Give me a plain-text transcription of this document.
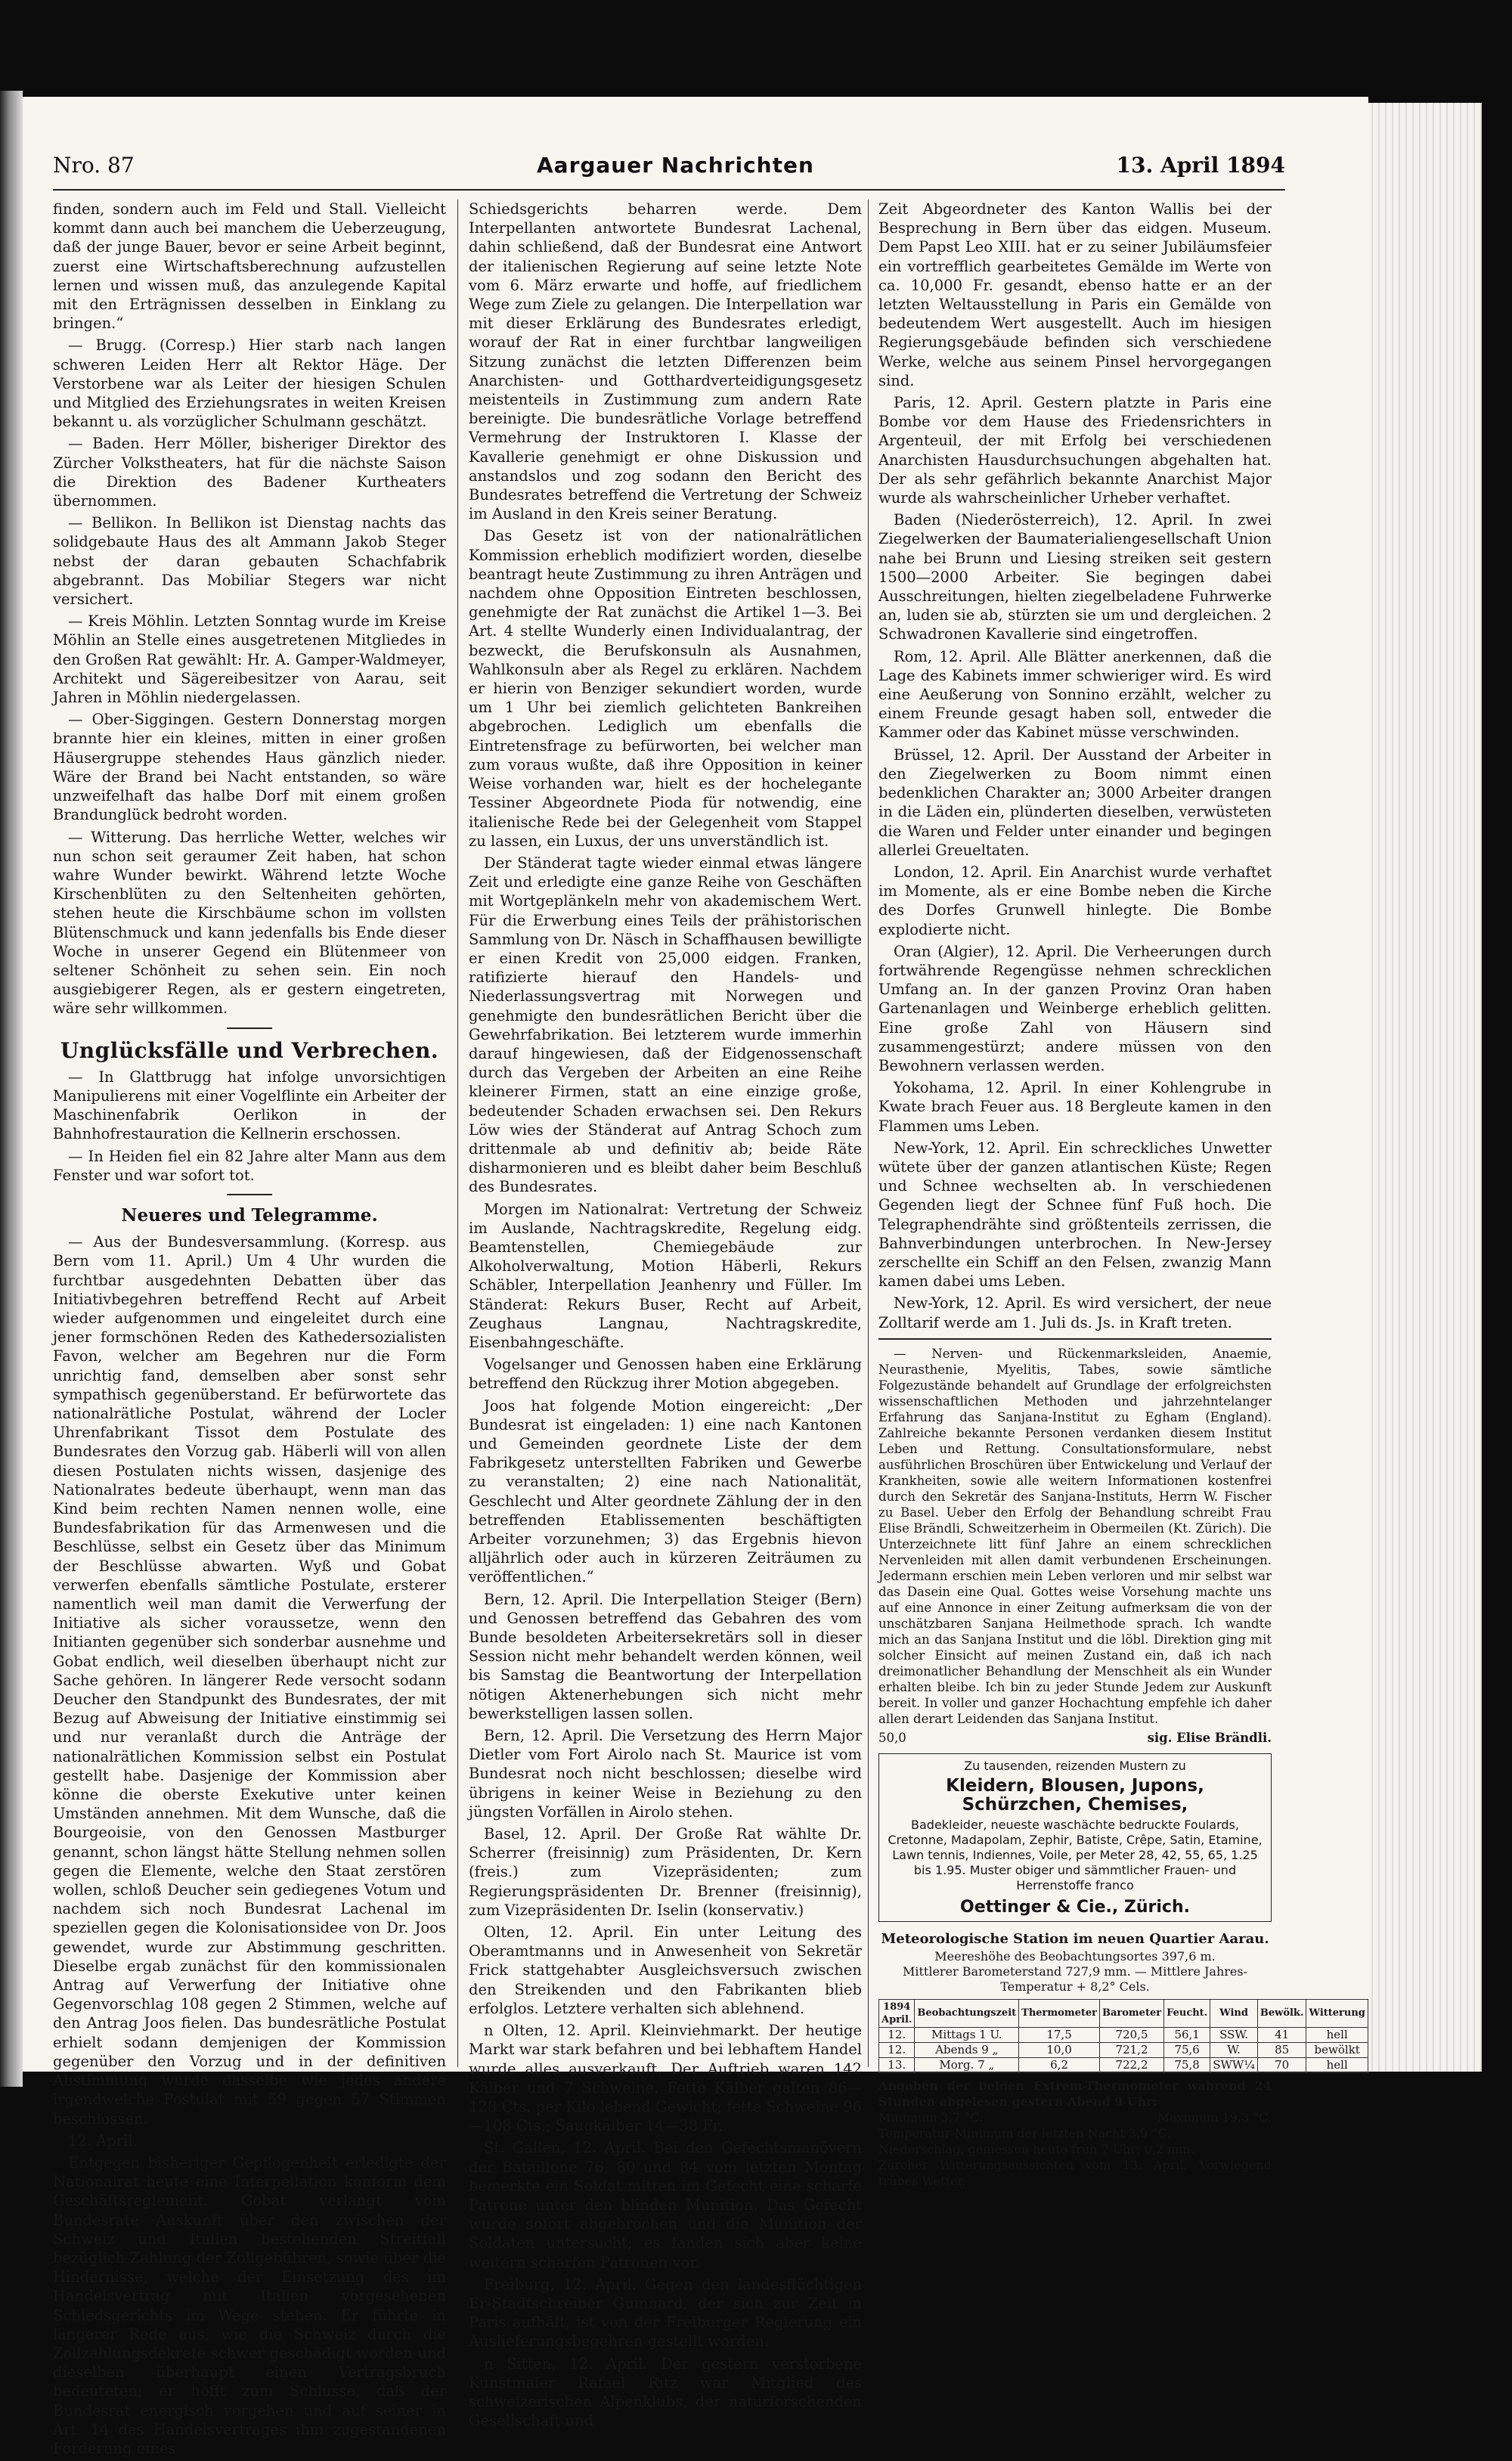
Nro. 87	Aargauer Nachrichten	13. April 1894

finden, sondern auch im Feld und Stall. Vielleicht kommt dann auch bei manchem die Ueberzeugung, daß der junge Bauer, bevor er seine Arbeit beginnt, zuerst eine Wirtschaftsberechnung aufzustellen lernen und wissen muß, das anzulegende Kapital mit den Erträgnissen desselben in Einklang zu bringen.“

— Brugg. (Corresp.) Hier starb nach langen schweren Leiden Herr alt Rektor Häge. Der Verstorbene war als Leiter der hiesigen Schulen und Mitglied des Erziehungsrates in weiten Kreisen bekannt u. als vorzüglicher Schulmann geschätzt.

— Baden. Herr Möller, bisheriger Direktor des Zürcher Volkstheaters, hat für die nächste Saison die Direktion des Badener Kurtheaters übernommen.

— Bellikon. In Bellikon ist Dienstag nachts das solidgebaute Haus des alt Ammann Jakob Steger nebst der daran gebauten Schachfabrik abgebrannt. Das Mobiliar Stegers war nicht versichert.

— Kreis Möhlin. Letzten Sonntag wurde im Kreise Möhlin an Stelle eines ausgetretenen Mitgliedes in den Großen Rat gewählt: Hr. A. Gamper-Waldmeyer, Architekt und Sägereibesitzer von Aarau, seit Jahren in Möhlin niedergelassen.

— Ober-Siggingen. Gestern Donnerstag morgen brannte hier ein kleines, mitten in einer großen Häusergruppe stehendes Haus gänzlich nieder. Wäre der Brand bei Nacht entstanden, so wäre unzweifelhaft das halbe Dorf mit einem großen Brandunglück bedroht worden.

— Witterung. Das herrliche Wetter, welches wir nun schon seit geraumer Zeit haben, hat schon wahre Wunder bewirkt. Während letzte Woche Kirschenblüten zu den Seltenheiten gehörten, stehen heute die Kirschbäume schon im vollsten Blütenschmuck und kann jedenfalls bis Ende dieser Woche in unserer Gegend ein Blütenmeer von seltener Schönheit zu sehen sein. Ein noch ausgiebigerer Regen, als er gestern eingetreten, wäre sehr willkommen.

Unglücksfälle und Verbrechen.

— In Glattbrugg hat infolge unvorsichtigen Manipulierens mit einer Vogelflinte ein Arbeiter der Maschinenfabrik Oerlikon in der Bahnhofrestauration die Kellnerin erschossen.

— In Heiden fiel ein 82 Jahre alter Mann aus dem Fenster und war sofort tot.

Neueres und Telegramme.

— Aus der Bundesversammlung. (Korresp. aus Bern vom 11. April.) Um 4 Uhr wurden die furchtbar ausgedehnten Debatten über das Initiativbegehren betreffend Recht auf Arbeit wieder aufgenommen und eingeleitet durch eine jener formschönen Reden des Kathedersozialisten Favon, welcher am Begehren nur die Form unrichtig fand, demselben aber sonst sehr sympathisch gegenüberstand. Er befürwortete das nationalrätliche Postulat, während der Locler Uhrenfabrikant Tissot dem Postulate des Bundesrates den Vorzug gab. Häberli will von allen diesen Postulaten nichts wissen, dasjenige des Nationalrates bedeute überhaupt, wenn man das Kind beim rechten Namen nennen wolle, eine Bundesfabrikation für das Armenwesen und die Beschlüsse, selbst ein Gesetz über das Minimum der Beschlüsse abwarten. Wyß und Gobat verwerfen ebenfalls sämtliche Postulate, ersterer namentlich weil man damit die Verwerfung der Initiative als sicher voraussetze, wenn den Initianten gegenüber sich sonderbar ausnehme und Gobat endlich, weil dieselben überhaupt nicht zur Sache gehören. In längerer Rede versocht sodann Deucher den Standpunkt des Bundesrates, der mit Bezug auf Abweisung der Initiative einstimmig sei und nur veranlaßt durch die Anträge der nationalrätlichen Kommission selbst ein Postulat gestellt habe. Dasjenige der Kommission aber könne die oberste Exekutive unter keinen Umständen annehmen. Mit dem Wunsche, daß die Bourgeoisie, von den Genossen Mastburger genannt, schon längst hätte Stellung nehmen sollen gegen die Elemente, welche den Staat zerstören wollen, schloß Deucher sein gediegenes Votum und nachdem sich noch Bundesrat Lachenal im speziellen gegen die Kolonisationsidee von Dr. Joos gewendet, wurde zur Abstimmung geschritten. Dieselbe ergab zunächst für den kommissionalen Antrag auf Verwerfung der Initiative ohne Gegenvorschlag 108 gegen 2 Stimmen, welche auf den Antrag Joos fielen. Das bundesrätliche Postulat erhielt sodann demjenigen der Kommission gegenüber den Vorzug und in der definitiven Abstimmung wurde dasselbe wie jedes andere irgendwelche Postulat mit 59 gegen 57 Stimmen beschlossen.

12. April.

Entgegen bisheriger Gepflogenheit erledigte der Nationalrat heute eine Interpellation konform dem Geschäftsreglement. Gobat verlangt vom Bundesrate Auskunft über den zwischen der Schweiz und Italien bestehenden Streitfall bezüglich Zahlung der Zollgebühren, sowie über die Hindernisse, welche der Einsetzung des im Handelsvertrag mit Italien vorgesehenen Schiedsgerichts im Wege stehen. Er führte in längerer Rede aus, wie die Schweiz durch die Zollzahlungsdekrete schwer geschädigt worden und dieselben überhaupt einen Vertragsbruch bedeuteten; er hofft zum Schlusse, daß der Bundesrat energisch vorgehen und auf seiner in Art. 14 des Handelsvertrages ihm zugestandenen Forderung eines

Schiedsgerichts beharren werde. Dem Interpellanten antwortete Bundesrat Lachenal, dahin schließend, daß der Bundesrat eine Antwort der italienischen Regierung auf seine letzte Note vom 6. März erwarte und hoffe, auf friedlichem Wege zum Ziele zu gelangen. Die Interpellation war mit dieser Erklärung des Bundesrates erledigt, worauf der Rat in einer furchtbar langweiligen Sitzung zunächst die letzten Differenzen beim Anarchisten- und Gotthardverteidigungsgesetz meistenteils in Zustimmung zum andern Rate bereinigte. Die bundesrätliche Vorlage betreffend Vermehrung der Instruktoren I. Klasse der Kavallerie genehmigt er ohne Diskussion und anstandslos und zog sodann den Bericht des Bundesrates betreffend die Vertretung der Schweiz im Ausland in den Kreis seiner Beratung.

Das Gesetz ist von der nationalrätlichen Kommission erheblich modifiziert worden, dieselbe beantragt heute Zustimmung zu ihren Anträgen und nachdem ohne Opposition Eintreten beschlossen, genehmigte der Rat zunächst die Artikel 1—3. Bei Art. 4 stellte Wunderly einen Individualantrag, der bezweckt, die Berufskonsuln als Ausnahmen, Wahlkonsuln aber als Regel zu erklären. Nachdem er hierin von Benziger sekundiert worden, wurde um 1 Uhr bei ziemlich gelichteten Bankreihen abgebrochen. Lediglich um ebenfalls die Eintretensfrage zu befürworten, bei welcher man zum voraus wußte, daß ihre Opposition in keiner Weise vorhanden war, hielt es der hochelegante Tessiner Abgeordnete Pioda für notwendig, eine italienische Rede bei der Gelegenheit vom Stappel zu lassen, ein Luxus, der uns unverständlich ist.

Der Ständerat tagte wieder einmal etwas längere Zeit und erledigte eine ganze Reihe von Geschäften mit Wortgeplänkeln mehr von akademischem Wert. Für die Erwerbung eines Teils der prähistorischen Sammlung von Dr. Näsch in Schaffhausen bewilligte er einen Kredit von 25,000 eidgen. Franken, ratifizierte hierauf den Handels- und Niederlassungsvertrag mit Norwegen und genehmigte den bundesrätlichen Bericht über die Gewehrfabrikation. Bei letzterem wurde immerhin darauf hingewiesen, daß der Eidgenossenschaft durch das Vergeben der Arbeiten an eine Reihe kleinerer Firmen, statt an eine einzige große, bedeutender Schaden erwachsen sei. Den Rekurs Löw wies der Ständerat auf Antrag Schoch zum drittenmale ab und definitiv ab; beide Räte disharmonieren und es bleibt daher beim Beschluß des Bundesrates.

Morgen im Nationalrat: Vertretung der Schweiz im Auslande, Nachtragskredite, Regelung eidg. Beamtenstellen, Chemiegebäude zur Alkoholverwaltung, Motion Häberli, Rekurs Schäbler, Interpellation Jeanhenry und Füller. Im Ständerat: Rekurs Buser, Recht auf Arbeit, Zeughaus Langnau, Nachtragskredite, Eisenbahngeschäfte.

Vogelsanger und Genossen haben eine Erklärung betreffend den Rückzug ihrer Motion abgegeben.

Joos hat folgende Motion eingereicht: „Der Bundesrat ist eingeladen: 1) eine nach Kantonen und Gemeinden geordnete Liste der dem Fabrikgesetz unterstellten Fabriken und Gewerbe zu veranstalten; 2) eine nach Nationalität, Geschlecht und Alter geordnete Zählung der in den betreffenden Etablissementen beschäftigten Arbeiter vorzunehmen; 3) das Ergebnis hievon alljährlich oder auch in kürzeren Zeiträumen zu veröffentlichen.“

Bern, 12. April. Die Interpellation Steiger (Bern) und Genossen betreffend das Gebahren des vom Bunde besoldeten Arbeitersekretärs soll in dieser Session nicht mehr behandelt werden können, weil bis Samstag die Beantwortung der Interpellation nötigen Aktenerhebungen sich nicht mehr bewerkstelligen lassen sollen.

Bern, 12. April. Die Versetzung des Herrn Major Dietler vom Fort Airolo nach St. Maurice ist vom Bundesrat noch nicht beschlossen; dieselbe wird übrigens in keiner Weise in Beziehung zu den jüngsten Vorfällen in Airolo stehen.

Basel, 12. April. Der Große Rat wählte Dr. Scherrer (freisinnig) zum Präsidenten, Dr. Kern (freis.) zum Vizepräsidenten; zum Regierungspräsidenten Dr. Brenner (freisinnig), zum Vizepräsidenten Dr. Iselin (konservativ.)

Olten, 12. April. Ein unter Leitung des Oberamtmanns und in Anwesenheit von Sekretär Frick stattgehabter Ausgleichsversuch zwischen den Streikenden und den Fabrikanten blieb erfolglos. Letztere verhalten sich ablehnend.

n Olten, 12. April. Kleinviehmarkt. Der heutige Markt war stark befahren und bei lebhaftem Handel wurde alles ausverkauft. Der Auftrieb waren 142 Kälber und 7 Schweine. Fette Kälber galten 86—128 Cts. per Kilo lebend Gewicht; fette Schweine 96—108 Cts.; Saugkälber 14—38 Fr.

St. Gallen, 12. April. Bei den Gefechtsmanövern der Bataillone 76, 80 und 84 vom letzten Montag bemerkte ein Soldat mitten im Gefecht eine scharfe Patrone unter den blinden Munition. Das Gefecht wurde sofort abgebrochen und die Munition der Soldaten untersucht; es fanden sich aber keine weitern scharfen Patronen vor.

Freiburg, 12. April. Gegen den landesflüchtigen Er-Stadtschreiber Guinnard, der sich zur Zeit in Paris aufhält, ist von der Freiburger Regierung ein Auslieferungsbegehren gestellt worden.

n Sitten, 12. April. Der gestern verstorbene Kunstmaler Rafael Ritz war Mitglied des schweizerischen Alpenklubs, der naturforschenden Gesellschaft und

Zeit Abgeordneter des Kanton Wallis bei der Besprechung in Bern über das eidgen. Museum. Dem Papst Leo XIII. hat er zu seiner Jubiläumsfeier ein vortrefflich gearbeitetes Gemälde im Werte von ca. 10,000 Fr. gesandt, ebenso hatte er an der letzten Weltausstellung in Paris ein Gemälde von bedeutendem Wert ausgestellt. Auch im hiesigen Regierungsgebäude befinden sich verschiedene Werke, welche aus seinem Pinsel hervorgegangen sind.

Paris, 12. April. Gestern platzte in Paris eine Bombe vor dem Hause des Friedensrichters in Argenteuil, der mit Erfolg bei verschiedenen Anarchisten Hausdurchsuchungen abgehalten hat. Der als sehr gefährlich bekannte Anarchist Major wurde als wahrscheinlicher Urheber verhaftet.

Baden (Niederösterreich), 12. April. In zwei Ziegelwerken der Baumaterialiengesellschaft Union nahe bei Brunn und Liesing streiken seit gestern 1500—2000 Arbeiter. Sie begingen dabei Ausschreitungen, hielten ziegelbeladene Fuhrwerke an, luden sie ab, stürzten sie um und dergleichen. 2 Schwadronen Kavallerie sind eingetroffen.

Rom, 12. April. Alle Blätter anerkennen, daß die Lage des Kabinets immer schwieriger wird. Es wird eine Aeußerung von Sonnino erzählt, welcher zu einem Freunde gesagt haben soll, entweder die Kammer oder das Kabinet müsse verschwinden.

Brüssel, 12. April. Der Ausstand der Arbeiter in den Ziegelwerken zu Boom nimmt einen bedenklichen Charakter an; 3000 Arbeiter drangen in die Läden ein, plünderten dieselben, verwüsteten die Waren und Felder unter einander und begingen allerlei Greueltaten.

London, 12. April. Ein Anarchist wurde verhaftet im Momente, als er eine Bombe neben die Kirche des Dorfes Grunwell hinlegte. Die Bombe explodierte nicht.

Oran (Algier), 12. April. Die Verheerungen durch fortwährende Regengüsse nehmen schrecklichen Umfang an. In der ganzen Provinz Oran haben Gartenanlagen und Weinberge erheblich gelitten. Eine große Zahl von Häusern sind zusammengestürzt; andere müssen von den Bewohnern verlassen werden.

Yokohama, 12. April. In einer Kohlengrube in Kwate brach Feuer aus. 18 Bergleute kamen in den Flammen ums Leben.

New-York, 12. April. Ein schreckliches Unwetter wütete über der ganzen atlantischen Küste; Regen und Schnee wechselten ab. In verschiedenen Gegenden liegt der Schnee fünf Fuß hoch. Die Telegraphendrähte sind größtenteils zerrissen, die Bahnverbindungen unterbrochen. In New-Jersey zerschellte ein Schiff an den Felsen, zwanzig Mann kamen dabei ums Leben.

New-York, 12. April. Es wird versichert, der neue Zolltarif werde am 1. Juli ds. Js. in Kraft treten.

— Nerven- und Rückenmarksleiden, Anaemie, Neurasthenie, Myelitis, Tabes, sowie sämtliche Folgezustände behandelt auf Grundlage der erfolgreichsten wissenschaftlichen Methoden und jahrzehntelanger Erfahrung das Sanjana-Institut zu Egham (England). Zahlreiche bekannte Personen verdanken diesem Institut Leben und Rettung. Consultationsformulare, nebst ausführlichen Broschüren über Entwickelung und Verlauf der Krankheiten, sowie alle weitern Informationen kostenfrei durch den Sekretär des Sanjana-Instituts, Herrn W. Fischer zu Basel. Ueber den Erfolg der Behandlung schreibt Frau Elise Brändli, Schweitzerheim in Obermeilen (Kt. Zürich). Die Unterzeichnete litt fünf Jahre an einem schrecklichen Nervenleiden mit allen damit verbundenen Erscheinungen. Jedermann erschien mein Leben verloren und mir selbst war das Dasein eine Qual. Gottes weise Vorsehung machte uns auf eine Annonce in einer Zeitung aufmerksam die von der unschätzbaren Sanjana Heilmethode sprach. Ich wandte mich an das Sanjana Institut und die löbl. Direktion ging mit solcher Einsicht auf meinen Zustand ein, daß ich nach dreimonatlicher Behandlung der Menschheit als ein Wunder erhalten bleibe. Ich bin zu jeder Stunde Jedem zur Auskunft bereit. In voller und ganzer Hochachtung empfehle ich daher allen derart Leidenden das Sanjana Institut.

50,0	sig. Elise Brändli.
Zu tausenden, reizenden Mustern zu
Kleidern, Blousen, Jupons, Schürzchen, Chemises,
Badekleider, neueste waschächte bedruckte Foulards, Cretonne, Madapolam, Zephir, Batiste, Crêpe, Satin, Etamine, Lawn tennis, Indiennes, Voile, per Meter 28, 42, 55, 65, 1.25 bis 1.95. Muster obiger und sämmtlicher Frauen- und Herrenstoffe franco
Oettinger & Cie., Zürich.
Meteorologische Station im neuen Quartier Aarau.
Meereshöhe des Beobachtungsortes 397,6 m.
Mittlerer Barometerstand 727,9 mm. — Mittlere Jahres-Temperatur + 8,2° Cels.
1894 April.	Beobachtungszeit	Thermometer	Barometer	Feucht.	Wind	Bewölk.	Witterung
12.	Mittags 1 U.	17,5	720,5	56,1	SSW.	41	hell
12.	Abends 9 „	10,0	721,2	75,6	W.	85	bewölkt
13.	Morg. 7 „	6,2	722,2	75,8	SWW¼	70	hell
Angaben der beiden Extrem-Thermometer während 24 Stunden abgelesen gestern Abend 9 Uhr:
Minimum 3,7 °C.	Maximum 19,3 °C.
Temperatur-Minimum der letzten Nacht 3,9 °C.
Niederschlag, gemessen heute früh 7 Uhr: 0,2 mm.
Zürcher Witterungsaussichten vom 13. April. Vorwiegend trübes Wetter.
